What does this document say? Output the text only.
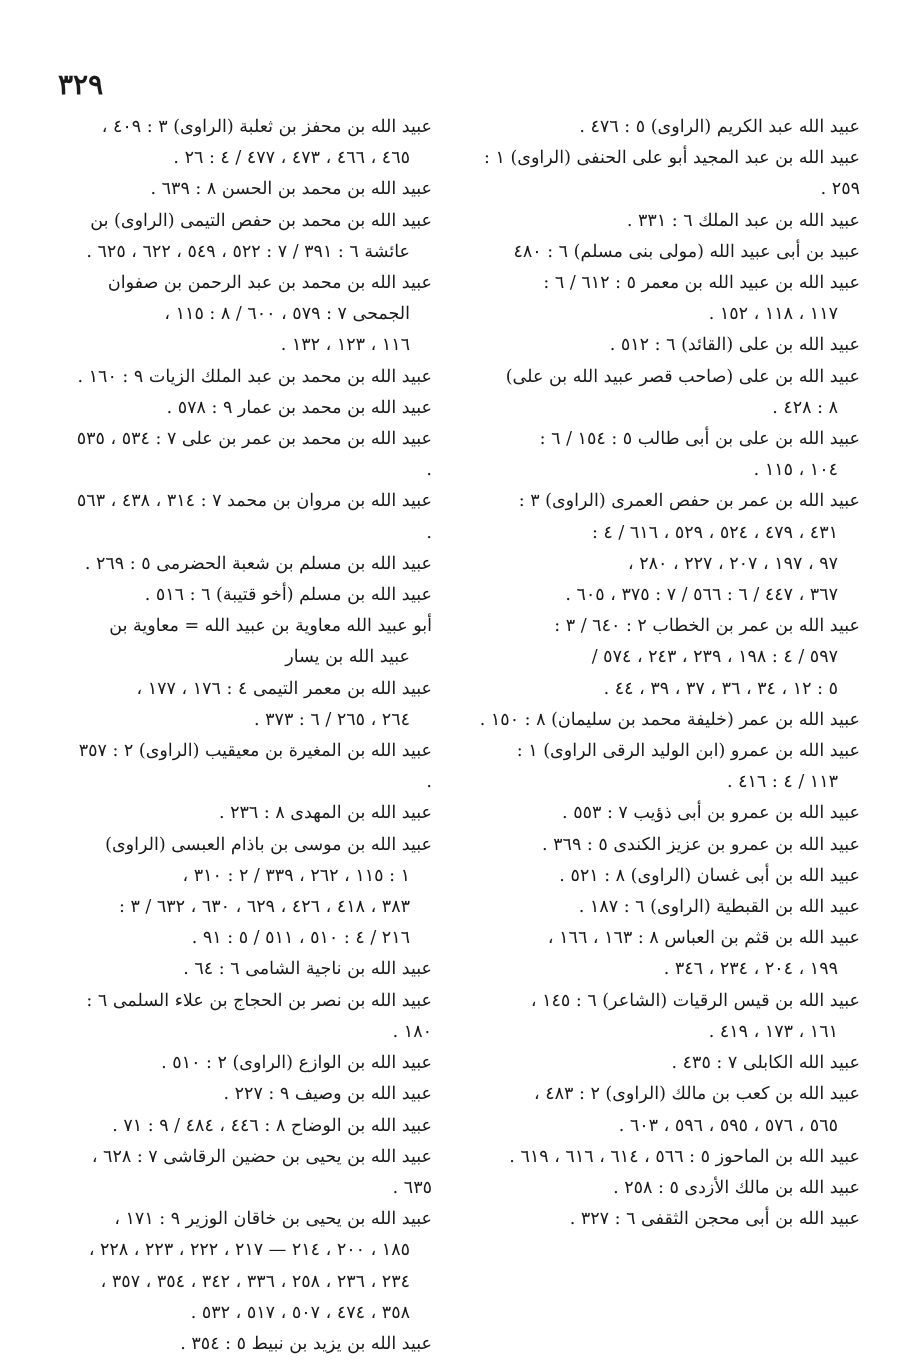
٣٢٩
عبيد الله عبد الكريم (الراوى) ٥ : ٤٧٦ .
عبيد الله بن عبد المجيد أبو على الحنفى (الراوى) ١ : ٢٥٩ .
عبيد الله بن عبد الملك ٦ : ٣٣١ .
عبيد بن أبى عبيد الله (مولى بنى مسلم) ٦ : ٤٨٠
عبيد الله بن عبيد الله بن معمر ٥ : ٦١٢ / ٦ :
١١٧ ، ١١٨ ، ١٥٢ .
عبيد الله بن على (القائد) ٦ : ٥١٢ .
عبيد الله بن على (صاحب قصر عبيد الله بن على)
٨ : ٤٢٨ .
عبيد الله بن على بن أبى طالب ٥ : ١٥٤ / ٦ :
١٠٤ ، ١١٥ .
عبيد الله بن عمر بن حفص العمرى (الراوى) ٣ :
٤٣١ ، ٤٧٩ ، ٥٢٤ ، ٥٢٩ ، ٦١٦ / ٤ :
٩٧ ، ١٩٧ ، ٢٠٧ ، ٢٢٧ ، ٢٨٠ ،
٣٦٧ ، ٤٤٧ / ٦ : ٥٦٦ / ٧ : ٣٧٥ ، ٦٠٥ .
عبيد الله بن عمر بن الخطاب ٢ : ٦٤٠ / ٣ :
٥٩٧ / ٤ : ١٩٨ ، ٢٣٩ ، ٢٤٣ ، ٥٧٤ /
٥ : ١٢ ، ٣٤ ، ٣٦ ، ٣٧ ، ٣٩ ، ٤٤ .
عبيد الله بن عمر (خليفة محمد بن سليمان) ٨ : ١٥٠ .
عبيد الله بن عمرو (ابن الوليد الرقى الراوى) ١ :
١١٣ / ٤ : ٤١٦ .
عبيد الله بن عمرو بن أبى ذؤيب ٧ : ٥٥٣ .
عبيد الله بن عمرو بن عزيز الكندى ٥ : ٣٦٩ .
عبيد الله بن أبى غسان (الراوى) ٨ : ٥٢١ .
عبيد الله بن القبطية (الراوى) ٦ : ١٨٧ .
عبيد الله بن قثم بن العباس ٨ : ١٦٣ ، ١٦٦ ،
١٩٩ ، ٢٠٤ ، ٢٣٤ ، ٣٤٦ .
عبيد الله بن قيس الرقيات (الشاعر) ٦ : ١٤٥ ،
١٦١ ، ١٧٣ ، ٤١٩ .
عبيد الله الكابلى ٧ : ٤٣٥ .
عبيد الله بن كعب بن مالك (الراوى) ٢ : ٤٨٣ ،
٥٦٥ ، ٥٧٦ ، ٥٩٥ ، ٥٩٦ ، ٦٠٣ .
عبيد الله بن الماحوز ٥ : ٥٦٦ ، ٦١٤ ، ٦١٦ ، ٦١٩ .
عبيد الله بن مالك الأزدى ٥ : ٢٥٨ .
عبيد الله بن أبى محجن الثقفى ٦ : ٣٢٧ .
عبيد الله بن محفز بن ثعلبة (الراوى) ٣ : ٤٠٩ ،
٤٦٥ ، ٤٦٦ ، ٤٧٣ ، ٤٧٧ / ٤ : ٢٦ .
عبيد الله بن محمد بن الحسن ٨ : ٦٣٩ .
عبيد الله بن محمد بن حفص التيمى (الراوى) بن
عائشة ٦ : ٣٩١ / ٧ : ٥٢٢ ، ٥٤٩ ، ٦٢٢ ، ٦٢٥ .
عبيد الله بن محمد بن عبد الرحمن بن صفوان
الجمحى ٧ : ٥٧٩ ، ٦٠٠ / ٨ : ١١٥ ،
١١٦ ، ١٢٣ ، ١٣٢ .
عبيد الله بن محمد بن عبد الملك الزيات ٩ : ١٦٠ .
عبيد الله بن محمد بن عمار ٩ : ٥٧٨ .
عبيد الله بن محمد بن عمر بن على ٧ : ٥٣٤ ، ٥٣٥ .
عبيد الله بن مروان بن محمد ٧ : ٣١٤ ، ٤٣٨ ، ٥٦٣ .
عبيد الله بن مسلم بن شعبة الحضرمى ٥ : ٢٦٩ .
عبيد الله بن مسلم (أخو قتيبة) ٦ : ٥١٦ .
أبو عبيد الله معاوية بن عبيد الله = معاوية بن
عبيد الله بن يسار
عبيد الله بن معمر التيمى ٤ : ١٧٦ ، ١٧٧ ،
٢٦٤ ، ٢٦٥ / ٦ : ٣٧٣ .
عبيد الله بن المغيرة بن معيقيب (الراوى) ٢ : ٣٥٧ .
عبيد الله بن المهدى ٨ : ٢٣٦ .
عبيد الله بن موسى بن باذام العبسى (الراوى)
١ : ١١٥ ، ٢٦٢ ، ٣٣٩ / ٢ : ٣١٠ ،
٣٨٣ ، ٤١٨ ، ٤٢٦ ، ٦٢٩ ، ٦٣٠ ، ٦٣٢ / ٣ :
٢١٦ / ٤ : ٥١٠ ، ٥١١ / ٥ : ٩١ .
عبيد الله بن ناجية الشامى ٦ : ٦٤ .
عبيد الله بن نصر بن الحجاج بن علاء السلمى ٦ : ١٨٠ .
عبيد الله بن الوازع (الراوى) ٢ : ٥١٠ .
عبيد الله بن وصيف ٩ : ٢٢٧ .
عبيد الله بن الوضاح ٨ : ٤٤٦ ، ٤٨٤ / ٩ : ٧١ .
عبيد الله بن يحيى بن حضين الرقاشى ٧ : ٦٢٨ ، ٦٣٥ .
عبيد الله بن يحيى بن خاقان الوزير ٩ : ١٧١ ،
١٨٥ ، ٢٠٠ ، ٢١٤ — ٢١٧ ، ٢٢٢ ، ٢٢٣ ، ٢٢٨ ،
٢٣٤ ، ٢٣٦ ، ٢٥٨ ، ٣٣٦ ، ٣٤٢ ، ٣٥٤ ، ٣٥٧ ،
٣٥٨ ، ٤٧٤ ، ٥٠٧ ، ٥١٧ ، ٥٣٢ .
عبيد الله بن يزيد بن نبيط ٥ : ٣٥٤ .
